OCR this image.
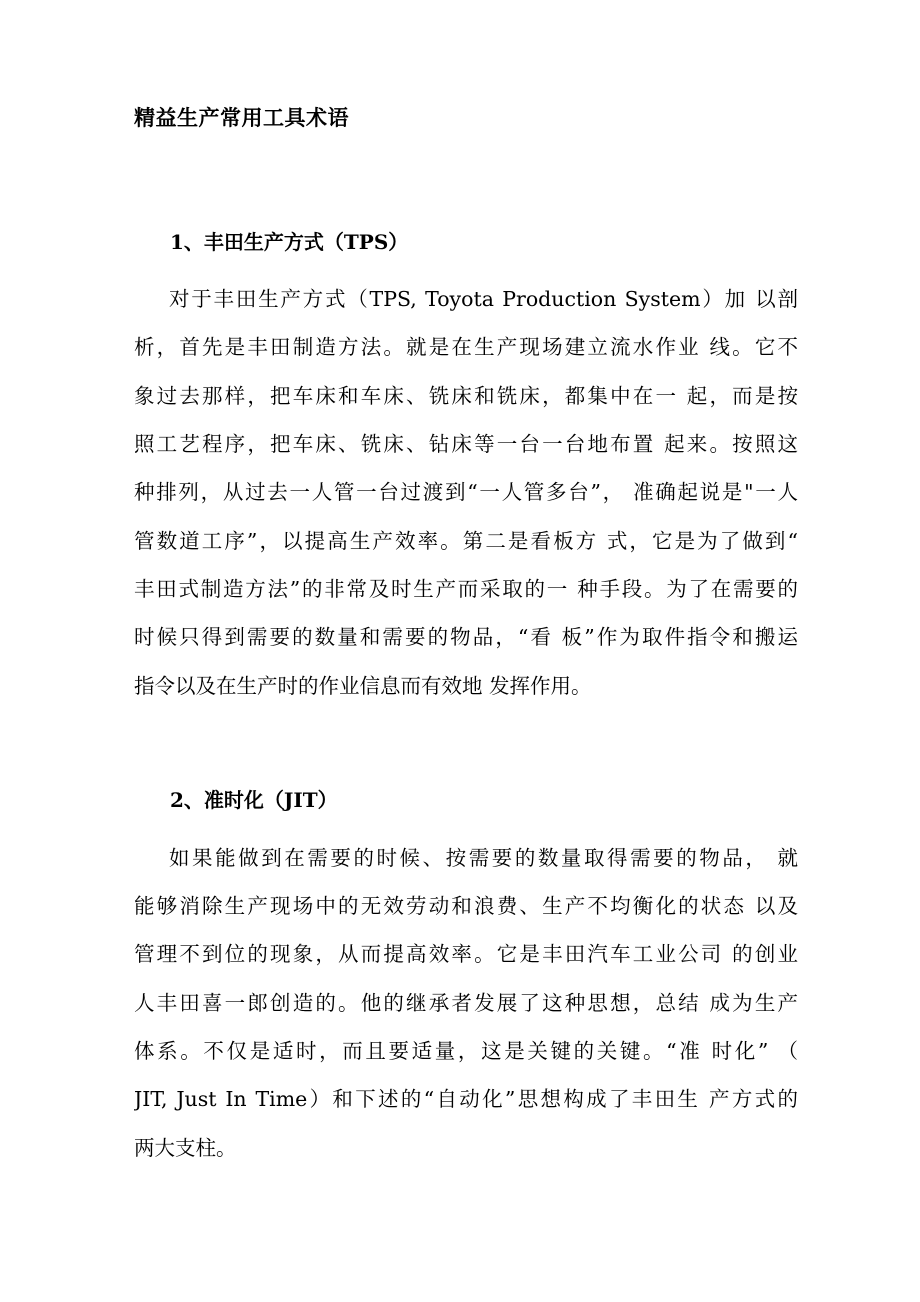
精益生产常用工具术语
1、丰田生产方式（TPS）

对于丰田生产方式（TPS, Toyota Production System）加 以剖

析，首先是丰田制造方法。就是在生产现场建立流水作业 线。它不

象过去那样，把车床和车床、铣床和铣床，都集中在一 起，而是按

照工艺程序，把车床、铣床、钻床等一台一台地布置 起来。按照这

种排列，从过去一人管一台过渡到“一人管多台”， 准确起说是"一人

管数道工序”，以提高生产效率。第二是看板方 式，它是为了做到“

丰田式制造方法”的非常及时生产而采取的一 种手段。为了在需要的

时候只得到需要的数量和需要的物品，“看 板”作为取件指令和搬运

指令以及在生产时的作业信息而有效地 发挥作用。

2、准时化（JIT）

如果能做到在需要的时候、按需要的数量取得需要的物品， 就

能够消除生产现场中的无效劳动和浪费、生产不均衡化的状态 以及

管理不到位的现象，从而提高效率。它是丰田汽车工业公司 的创业

人丰田喜一郎创造的。他的继承者发展了这种思想，总结 成为生产

体系。不仅是适时，而且要适量，这是关键的关键。“准 时化” （

JIT, Just In Time）和下述的“自动化”思想构成了丰田生 产方式的

两大支柱。
